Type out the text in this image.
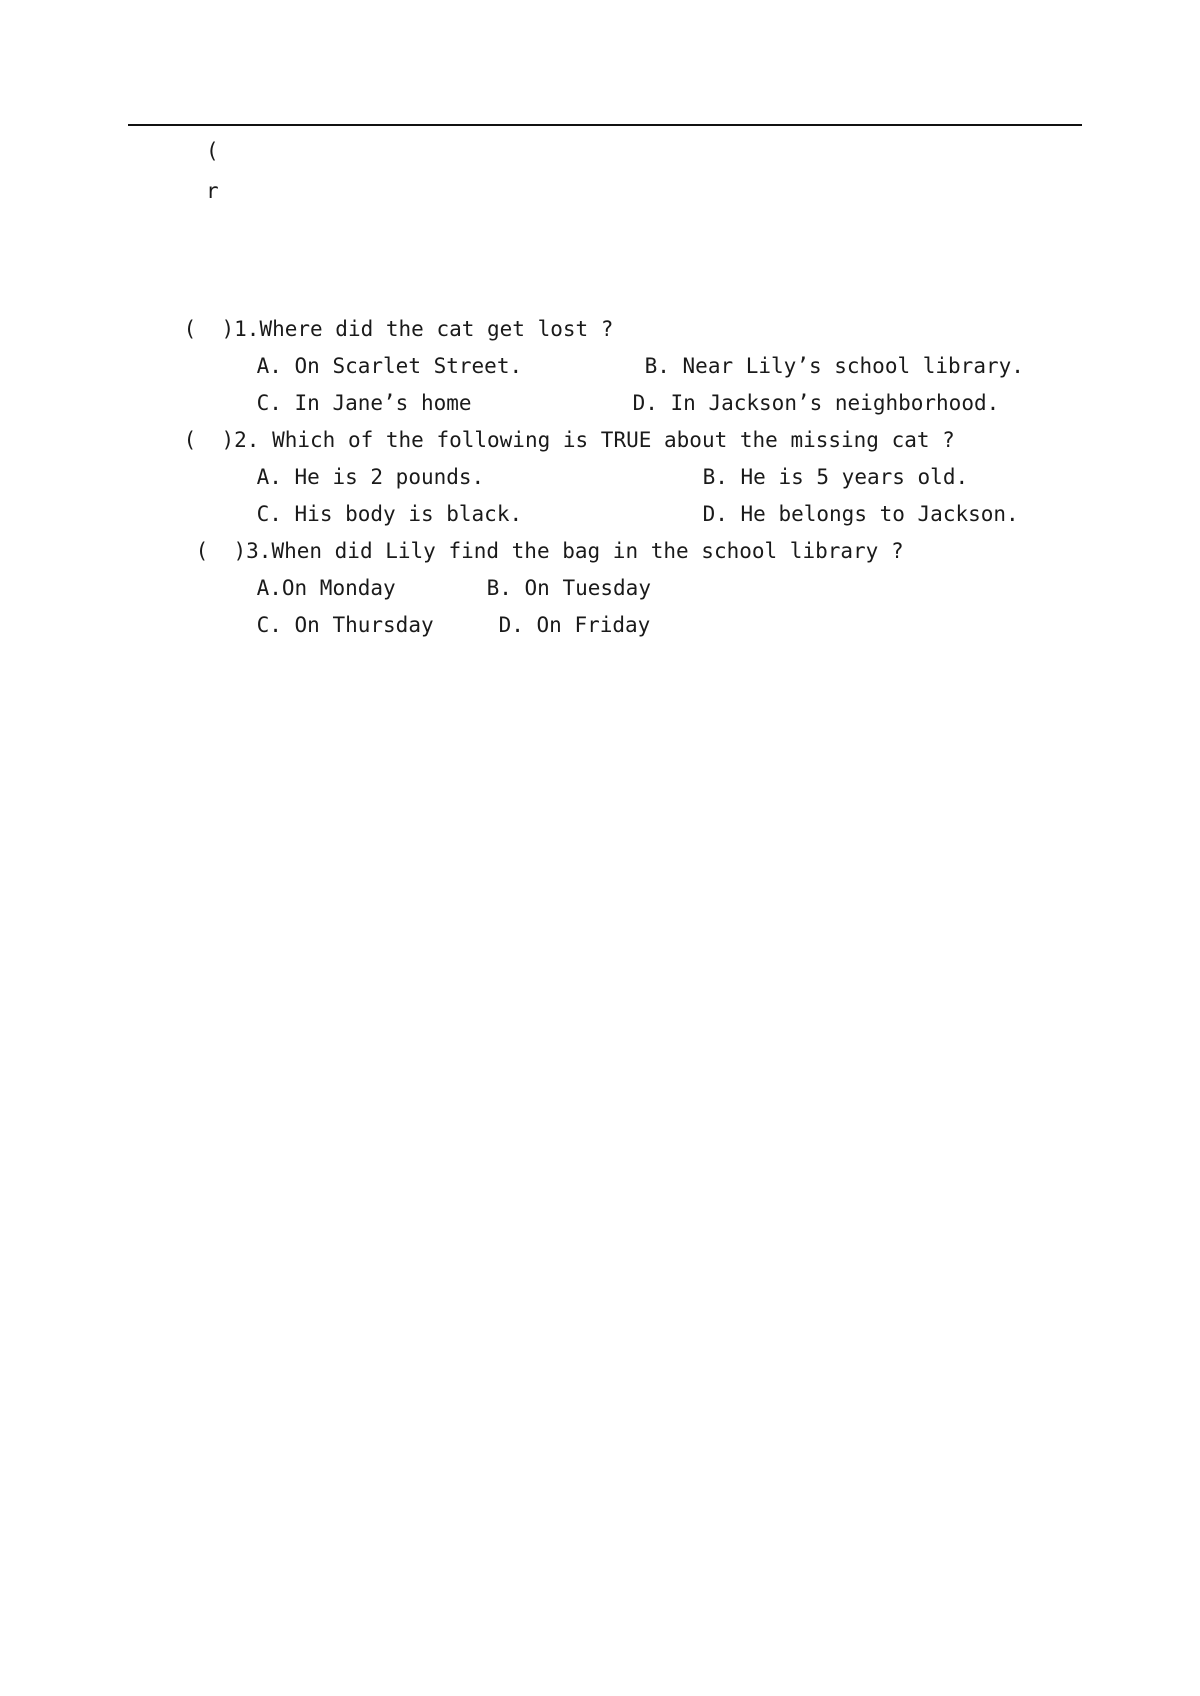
(
r

(  )1.Where did the cat get lost ?

A. On Scarlet Street.
	B. Near Lily’s school library.

C. In Jane’s home
	D. In Jackson’s neighborhood.

(  )2. Which of the following is TRUE about the missing cat ?

A. He is 2 pounds.
	B. He is 5 years old.

C. His body is black.
	D. He belongs to Jackson.

(  )3.When did Lily find the bag in the school library ?

A.On Monday
	B. On Tuesday

C. On Thursday
	D. On Friday
